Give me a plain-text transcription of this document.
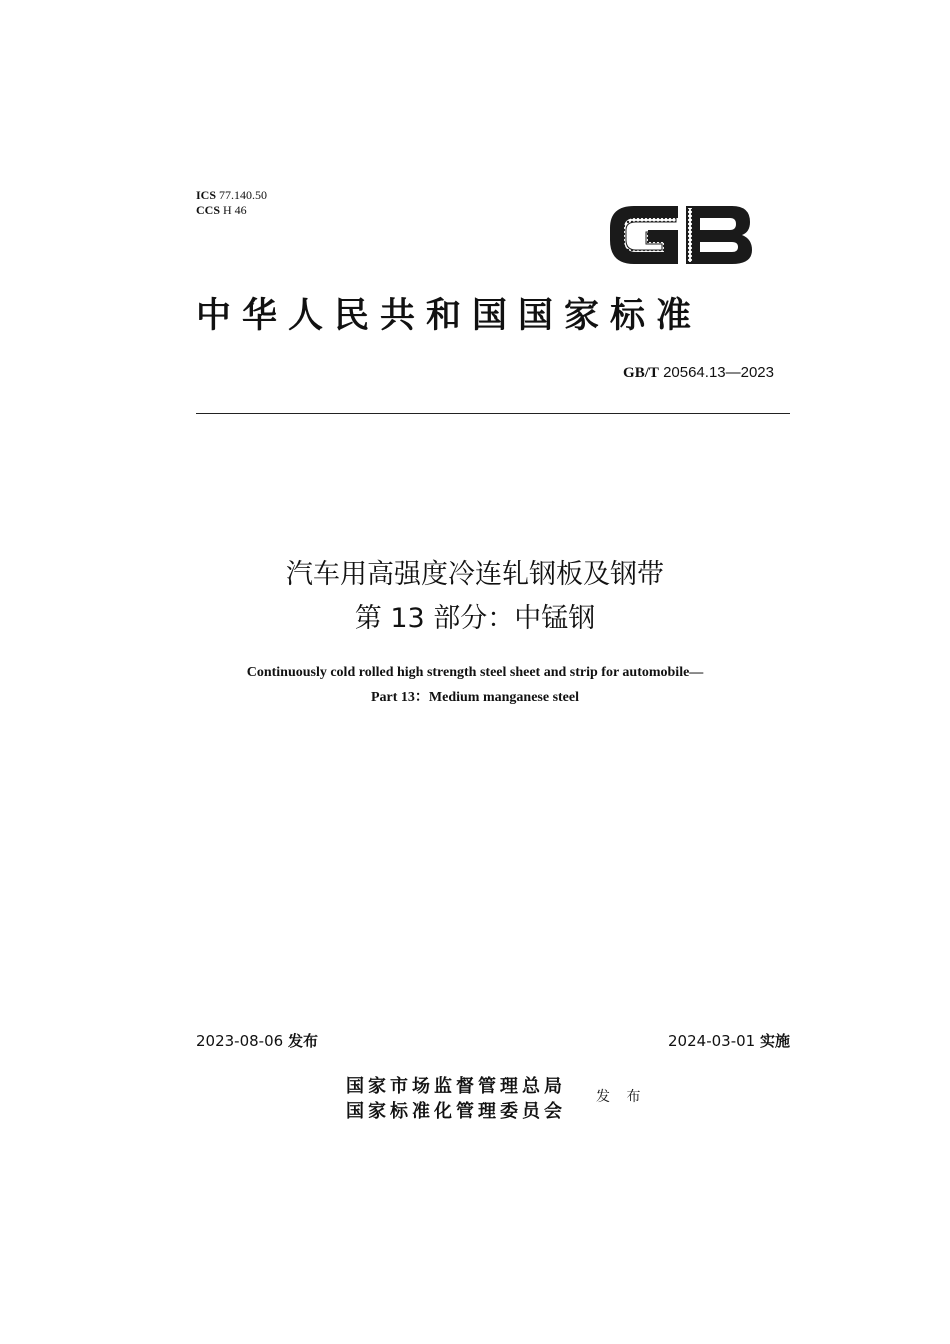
ICS 77.140.50
CCS H 46
中华人民共和国国家标准
GB/T 20564.13—2023
汽车用高强度冷连轧钢板及钢带
第 13 部分：中锰钢
Continuously cold rolled high strength steel sheet and strip for automobile—
Part 13：Medium manganese steel
2023-08-06 发布	2024-03-01 实施
国家市场监督管理总局
国家标准化管理委员会
发 布
